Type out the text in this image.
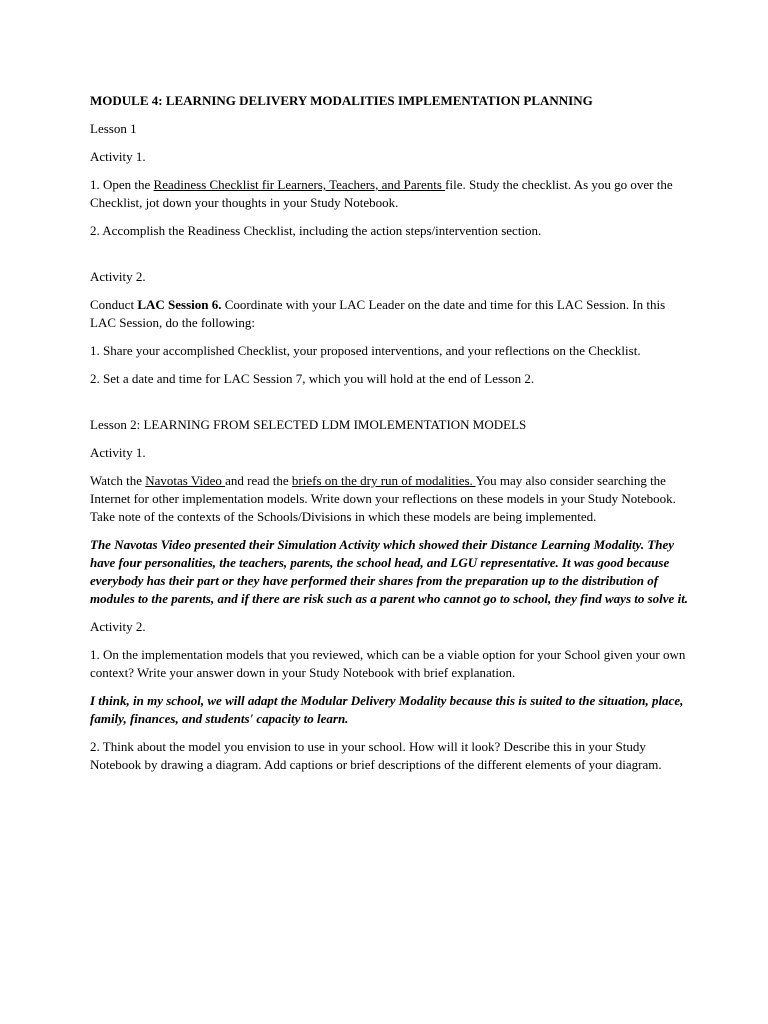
MODULE 4: LEARNING DELIVERY MODALITIES IMPLEMENTATION PLANNING

Lesson 1

Activity 1.

1. Open the Readiness Checklist fir Learners, Teachers, and Parents file. Study the checklist. As you go over the Checklist, jot down your thoughts in your Study Notebook.

2. Accomplish the Readiness Checklist, including the action steps/intervention section.

Activity 2.

Conduct LAC Session 6. Coordinate with your LAC Leader on the date and time for this LAC Session. In this LAC Session, do the following:

1. Share your accomplished Checklist, your proposed interventions, and your reflections on the Checklist.

2. Set a date and time for LAC Session 7, which you will hold at the end of Lesson 2.

Lesson 2: LEARNING FROM SELECTED LDM IMOLEMENTATION MODELS

Activity 1.

Watch the Navotas Video and read the briefs on the dry run of modalities. You may also consider searching the Internet for other implementation models. Write down your reflections on these models in your Study Notebook. Take note of the contexts of the Schools/Divisions in which these models are being implemented.

The Navotas Video presented their Simulation Activity which showed their Distance Learning Modality. They have four personalities, the teachers, parents, the school head, and LGU representative. It was good because everybody has their part or they have performed their shares from the preparation up to the distribution of modules to the parents, and if there are risk such as a parent who cannot go to school, they find ways to solve it.

Activity 2.

1. On the implementation models that you reviewed, which can be a viable option for your School given your own context? Write your answer down in your Study Notebook with brief explanation.

I think, in my school, we will adapt the Modular Delivery Modality because this is suited to the situation, place, family, finances, and students' capacity to learn.

2. Think about the model you envision to use in your school. How will it look? Describe this in your Study Notebook by drawing a diagram. Add captions or brief descriptions of the different elements of your diagram.
